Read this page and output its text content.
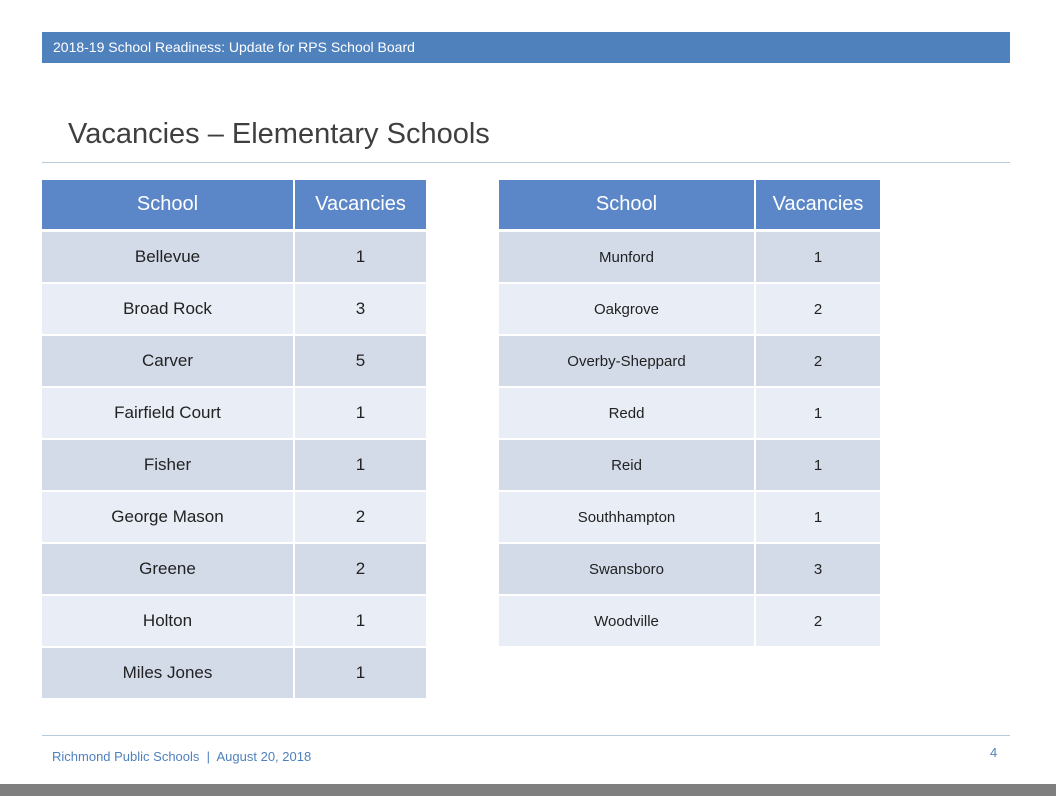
2018-19 School Readiness: Update for RPS School Board
Vacancies – Elementary Schools
School	Vacancies
Bellevue	1
Broad Rock	3
Carver	5
Fairfield Court	1
Fisher	1
George Mason	2
Greene	2
Holton	1
Miles Jones	1
School	Vacancies
Munford	1
Oakgrove	2
Overby-Sheppard	2
Redd	1
Reid	1
Southhampton	1
Swansboro	3
Woodville	2
Richmond Public Schools  |  August 20, 2018	4
